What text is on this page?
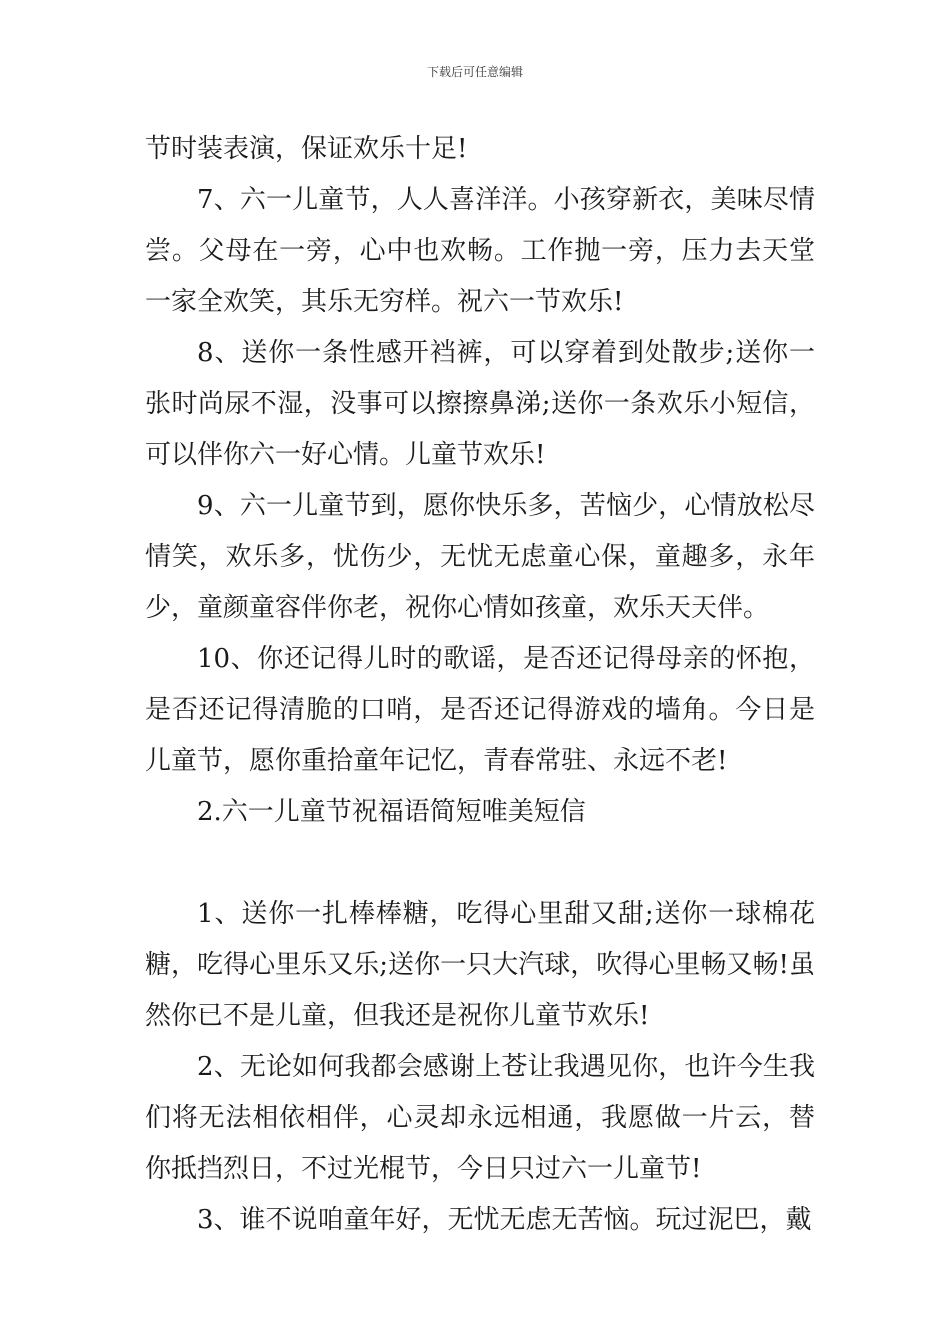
下载后可任意编辑

节时装表演，保证欢乐十足!

7、六一儿童节，人人喜洋洋。小孩穿新衣，美味尽情尝。父母在一旁，心中也欢畅。工作抛一旁，压力去天堂一家全欢笑，其乐无穷样。祝六一节欢乐!

8、送你一条性感开裆裤，可以穿着到处散步;送你一张时尚尿不湿，没事可以擦擦鼻涕;送你一条欢乐小短信，可以伴你六一好心情。儿童节欢乐!

9、六一儿童节到，愿你快乐多，苦恼少，心情放松尽情笑，欢乐多，忧伤少，无忧无虑童心保，童趣多，永年少，童颜童容伴你老，祝你心情如孩童，欢乐天天伴。

10、你还记得儿时的歌谣，是否还记得母亲的怀抱，是否还记得清脆的口哨，是否还记得游戏的墙角。今日是儿童节，愿你重拾童年记忆，青春常驻、永远不老!

2.六一儿童节祝福语简短唯美短信

1、送你一扎棒棒糖，吃得心里甜又甜;送你一球棉花糖，吃得心里乐又乐;送你一只大汽球，吹得心里畅又畅!虽然你已不是儿童，但我还是祝你儿童节欢乐!

2、无论如何我都会感谢上苍让我遇见你，也许今生我们将无法相依相伴，心灵却永远相通，我愿做一片云，替你抵挡烈日，不过光棍节，今日只过六一儿童节!

3、谁不说咱童年好，无忧无虑无苦恼。玩过泥巴，戴
